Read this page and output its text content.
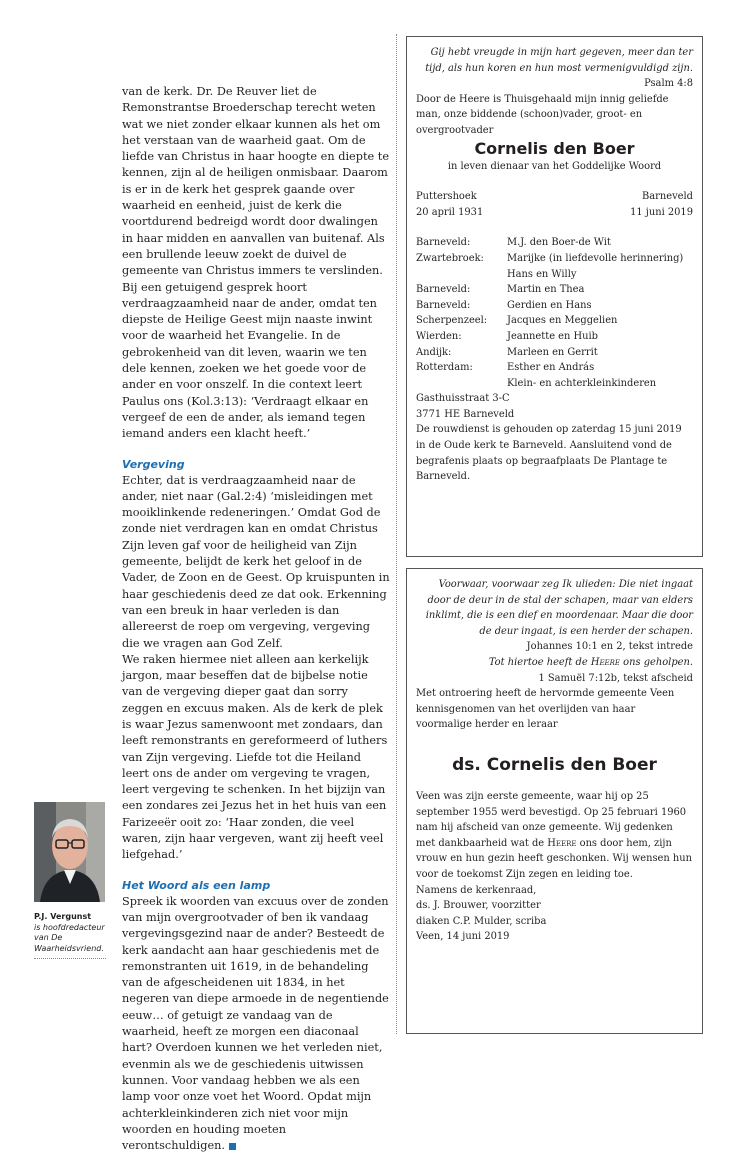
van de kerk. Dr. De Reuver liet de Remonstrantse Broederschap terecht weten wat we niet zonder elkaar kunnen als het om het verstaan van de waarheid gaat. Om de liefde van Christus in haar hoogte en diepte te kennen, zijn al de heiligen onmisbaar. Daarom is er in de kerk het gesprek gaande over waarheid en eenheid, juist de kerk die voortdurend bedreigd wordt door dwalingen in haar midden en aanvallen van buitenaf. Als een brullende leeuw zoekt de duivel de gemeente van Christus immers te verslinden.

Bij een getuigend gesprek hoort verdraagzaamheid naar de ander, omdat ten diepste de Heilige Geest mijn naaste inwint voor de waarheid het Evangelie. In de gebrokenheid van dit leven, waarin we ten dele kennen, zoeken we het goede voor de ander en voor onszelf. In die context leert Paulus ons (Kol.3:13): ‘Verdraagt elkaar en vergeef de een de ander, als iemand tegen iemand anders een klacht heeft.’

Vergeving

Echter, dat is verdraagzaamheid naar de ander, niet naar (Gal.2:4) ‘misleidingen met mooiklinkende redeneringen.’ Omdat God de zonde niet verdragen kan en omdat Christus Zijn leven gaf voor de heiligheid van Zijn gemeente, belijdt de kerk het geloof in de Vader, de Zoon en de Geest. Op kruispunten in haar geschiedenis deed ze dat ook. Erkenning van een breuk in haar verleden is dan allereerst de roep om vergeving, vergeving die we vragen aan God Zelf.

We raken hiermee niet alleen aan kerkelijk jargon, maar beseffen dat de bijbelse notie van de vergeving dieper gaat dan sorry zeggen en excuus maken. Als de kerk de plek is waar Jezus samenwoont met zondaars, dan leeft remonstrants en gereformeerd of luthers van Zijn vergeving. Liefde tot die Heiland leert ons de ander om vergeving te vragen, leert vergeving te schenken. In het bijzijn van een zondares zei Jezus het in het huis van een Farizeeër ooit zo: ‘Haar zonden, die veel waren, zijn haar vergeven, want zij heeft veel liefgehad.’

Het Woord als een lamp

Spreek ik woorden van excuus over de zonden van mijn overgrootvader of ben ik vandaag vergevingsgezind naar de ander? Besteedt de kerk aandacht aan haar geschiedenis met de remonstranten uit 1619, in de behandeling van de afgescheidenen uit 1834, in het negeren van diepe armoede in de negentiende eeuw… of getuigt ze vandaag van de waarheid, heeft ze morgen een diaconaal hart? Overdoen kunnen we het verleden niet, evenmin als we de geschiedenis uitwissen kunnen. Voor vandaag hebben we als een lamp voor onze voet het Woord. Opdat mijn achterkleinkinderen zich niet voor mijn woorden en houding moeten verontschuldigen.

P.J. Vergunst
is hoofdredacteur van De Waarheidsvriend.

Gij hebt vreugde in mijn hart gegeven, meer dan ter tijd, als hun koren en hun most vermenigvuldigd zijn.

Psalm 4:8

Door de Heere is Thuisgehaald mijn innig geliefde man, onze biddende (schoon)vader, groot- en overgrootvader

Cornelis den Boer

in leven dienaar van het Goddelijke Woord

Puttershoek

20 april 1931

Barneveld

11 juni 2019

Barneveld:	M.J. den Boer-de Wit
Zwartebroek:	Marijke (in liefdevolle herinnering)
	Hans en Willy
Barneveld:	Martin en Thea
Barneveld:	Gerdien en Hans
Scherpenzeel:	Jacques en Meggelien
Wierden:	Jeannette en Huib
Andijk:	Marleen en Gerrit
Rotterdam:	Esther en András

Klein- en achterkleinkinderen

Gasthuisstraat 3-C

3771 HE Barneveld

De rouwdienst is gehouden op zaterdag 15 juni 2019 in de Oude kerk te Barneveld. Aansluitend vond de begrafenis plaats op begraafplaats De Plantage te Barneveld.

Voorwaar, voorwaar zeg Ik ulieden: Die niet ingaat door de deur in de stal der schapen, maar van elders inklimt, die is een dief en moordenaar. Maar die door de deur ingaat, is een herder der schapen.

Johannes 10:1 en 2, tekst intrede

Tot hiertoe heeft de Heere ons geholpen.

1 Samuël 7:12b, tekst afscheid

Met ontroering heeft de hervormde gemeente Veen kennisgenomen van het overlijden van haar voormalige herder en leraar

ds. Cornelis den Boer

Veen was zijn eerste gemeente, waar hij op 25 september 1955 werd bevestigd. Op 25 februari 1960 nam hij afscheid van onze gemeente. Wij gedenken met dankbaarheid wat de Heere ons door hem, zijn vrouw en hun gezin heeft geschonken. Wij wensen hun voor de toekomst Zijn zegen en leiding toe.

Namens de kerkenraad,

ds. J. Brouwer, voorzitter

diaken C.P. Mulder, scriba

Veen, 14 juni 2019
